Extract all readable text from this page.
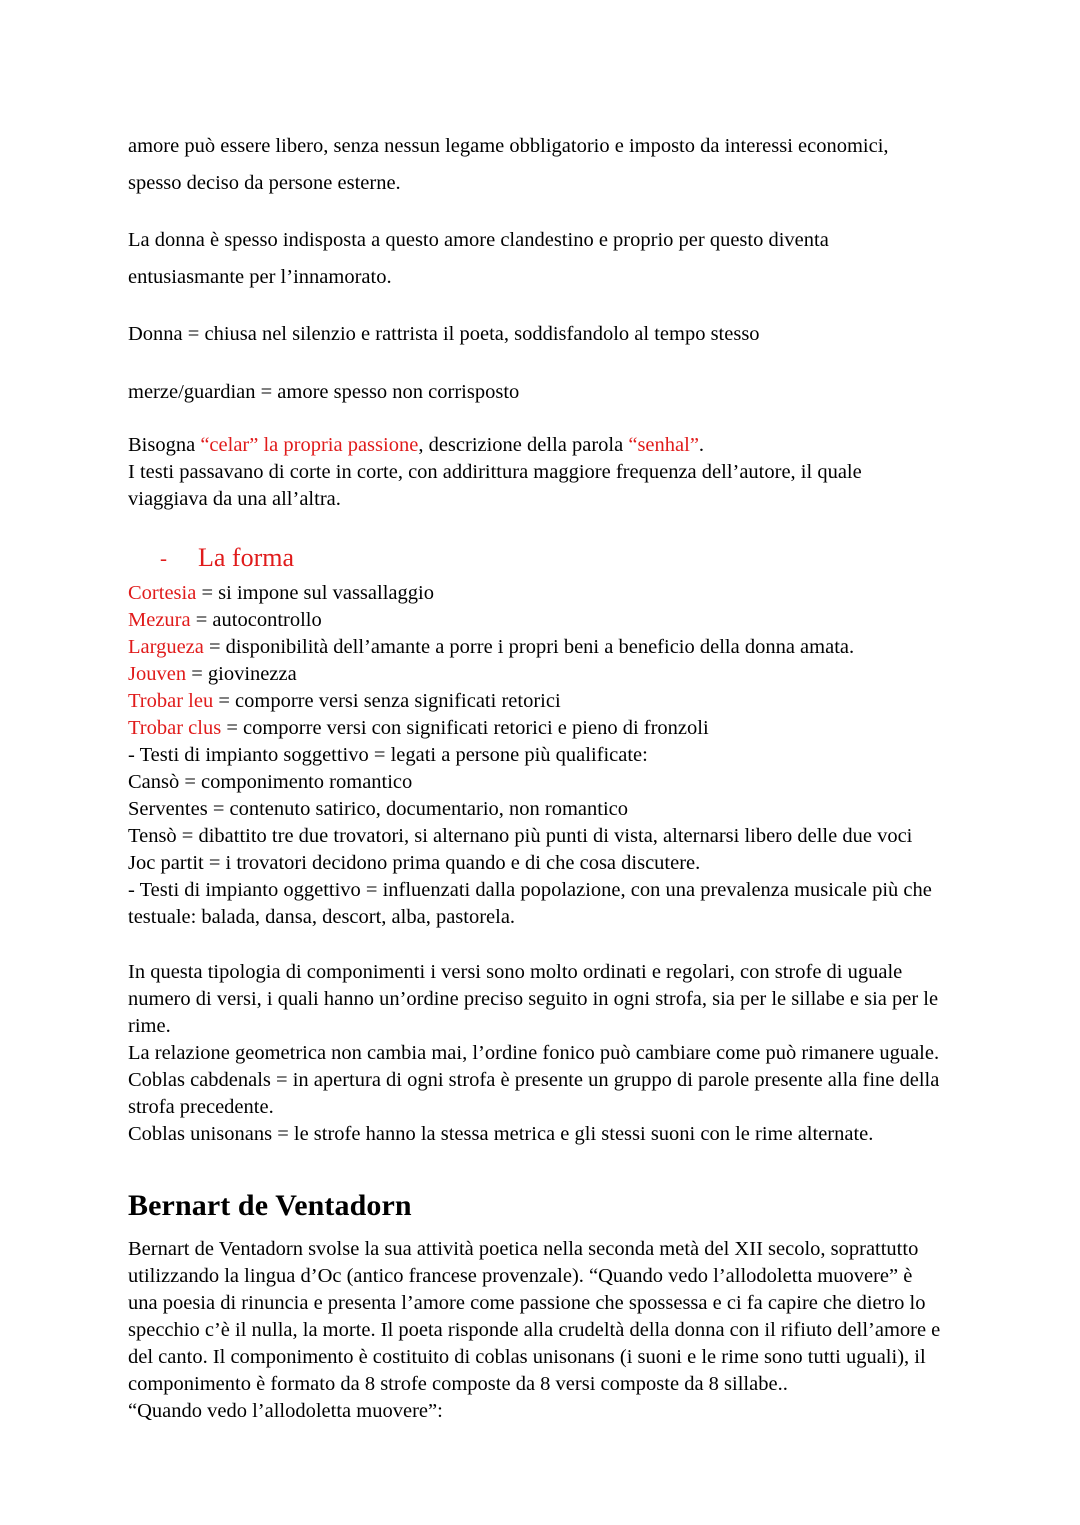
amore può essere libero, senza nessun legame obbligatorio e imposto da interessi economici, spesso deciso da persone esterne.

La donna è spesso indisposta a questo amore clandestino e proprio per questo diventa entusiasmante per l’innamorato.

Donna = chiusa nel silenzio e rattrista il poeta, soddisfandolo al tempo stesso

merze/guardian = amore spesso non corrisposto

Bisogna “celar” la propria passione, descrizione della parola “senhal”.
I testi passavano di corte in corte, con addirittura maggiore frequenza dell’autore, il quale viaggiava da una all’altra.
- La forma
Cortesia = si impone sul vassallaggio
Mezura = autocontrollo
Larguezа = disponibilità dell’amante a porre i propri beni a beneficio della donna amata.
Jouven = giovinezza
Trobar leu = comporre versi senza significati retorici
Trobar clus = comporre versi con significati retorici e pieno di fronzoli
- Testi di impianto soggettivo = legati a persone più qualificate:
Cansò = componimento romantico
Serventes = contenuto satirico, documentario, non romantico
Tensò = dibattito tre due trovatori, si alternano più punti di vista, alternarsi libero delle due voci
Joc partit = i trovatori decidono prima quando e di che cosa discutere.
- Testi di impianto oggettivo = influenzati dalla popolazione, con una prevalenza musicale più che testuale: balada, dansa, descort, alba, pastorela.
In questa tipologia di componimenti i versi sono molto ordinati e regolari, con strofe di uguale numero di versi, i quali hanno un’ordine preciso seguito in ogni strofa, sia per le sillabe e sia per le rime.
La relazione geometrica non cambia mai, l’ordine fonico può cambiare come può rimanere uguale.
Coblas cabdenals = in apertura di ogni strofa è presente un gruppo di parole presente alla fine della strofa precedente.
Coblas unisonans = le strofe hanno la stessa metrica e gli stessi suoni con le rime alternate.
Bernart de Ventadorn

Bernart de Ventadorn svolse la sua attività poetica nella seconda metà del XII secolo, soprattutto utilizzando la lingua d’Oc (antico francese provenzale). “Quando vedo l’allodoletta muovere” è una poesia di rinuncia e presenta l’amore come passione che spossessa e ci fa capire che dietro lo specchio c’è il nulla, la morte. Il poeta risponde alla crudeltà della donna con il rifiuto dell’amore e del canto. Il componimento è costituito di coblas unisonans (i suoni e le rime sono tutti uguali), il componimento è formato da 8 strofe composte da 8 versi composte da 8 sillabe..

“Quando vedo l’allodoletta muovere”:
